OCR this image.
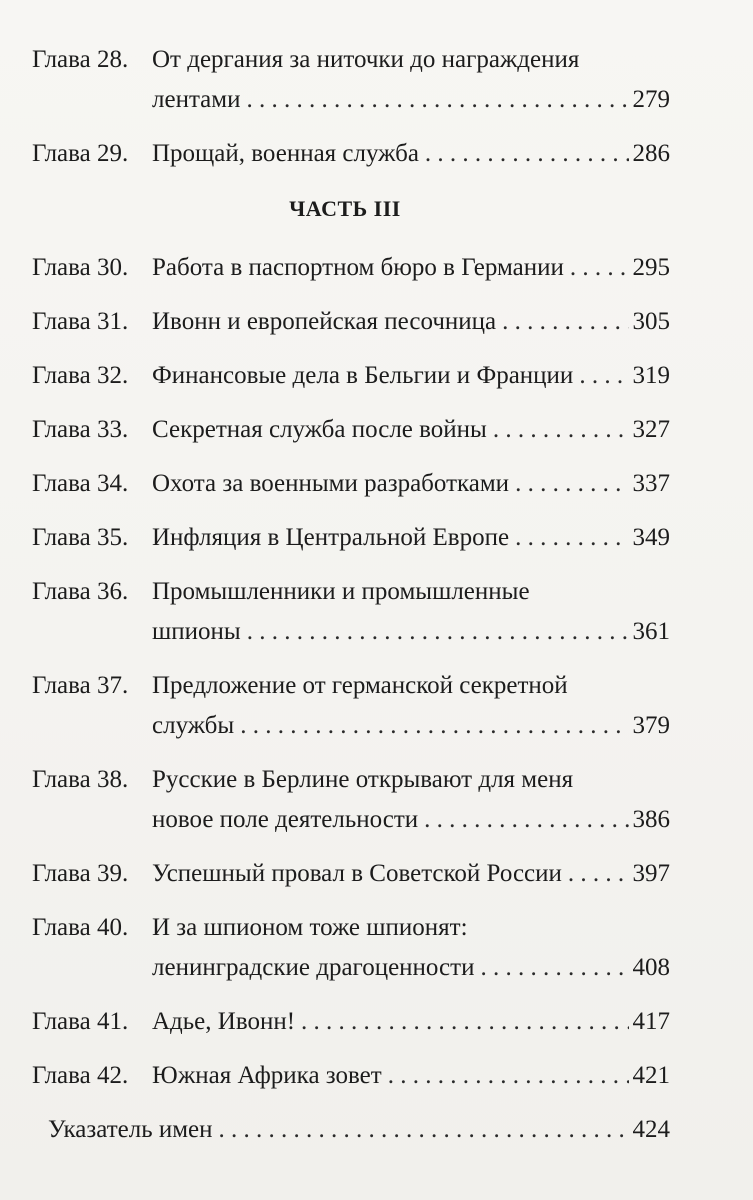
ЧАСТЬ III
Глава 28. От дергания за ниточки до награждения
лентами . . .	279
Глава 29. Прощай, военная служба . . .	286
Глава 30. Работа в паспортном бюро в Германии . . .	295
Глава 31. Ивонн и европейская песочница . . .	305
Глава 32. Финансовые дела в Бельгии и Франции . . . 319
Глава 33. Секретная служба после войны . . .	327
Глава 34. Охота за военными разработками . . .	337
Глава 35. Инфляция в Центральной Европе . . .	349
Глава 36. Промышленники и промышленные
шпионы . . .	361
Глава 37. Предложение от германской секретной
службы . . .	379
Глава 38. Русские в Берлине открывают для меня
новое поле деятельности . . .	386
Глава 39. Успешный провал в Советской России . . .	397
Глава 40. И за шпионом тоже шпионят:
ленинградские драгоценности . . .	408
Глава 41. Адье, Ивонн! . . .	417
Глава 42. Южная Африка зовет . . .	421
Указатель имен . . .	424
